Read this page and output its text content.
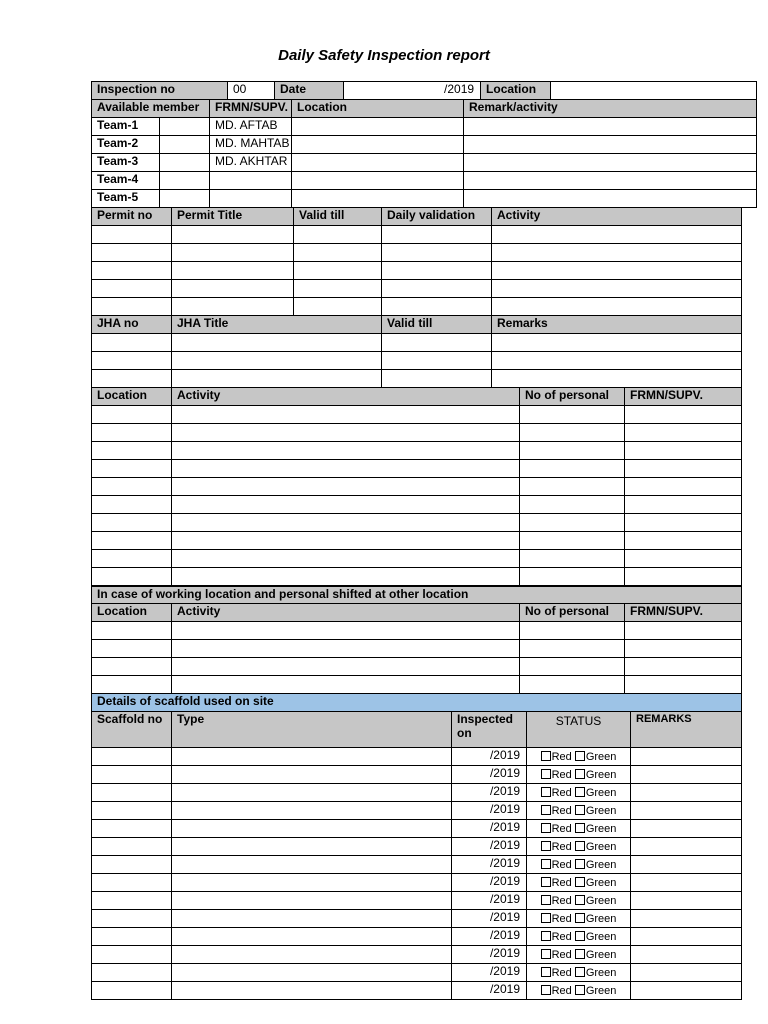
Daily Safety Inspection report
Inspection no			00	Date		/2019		Location	
Available member		FRMN/SUPV.			Location		Remark/activity		
Team-1		MD. AFTAB							
Team-2		MD. MAHTAB							
Team-3		MD. AKHTAR							
Team-4									
Team-5									
Permit no	Permit Title	Valid till	Daily validation	Activity

JHA no	JHA Title	Valid till	Remarks

Location	Activity	No of personal	FRMN/SUPV.

In case of working location and personal shifted at other location			
Location	Activity	No of personal	FRMN/SUPV.

Details of scaffold used on site				
Scaffold no	Type	Inspected on	STATUS	REMARKS
		/2019	Red Green	
		/2019	Red Green	
		/2019	Red Green	
		/2019	Red Green	
		/2019	Red Green	
		/2019	Red Green	
		/2019	Red Green	
		/2019	Red Green	
		/2019	Red Green	
		/2019	Red Green	
		/2019	Red Green	
		/2019	Red Green	
		/2019	Red Green	
		/2019	Red Green	
